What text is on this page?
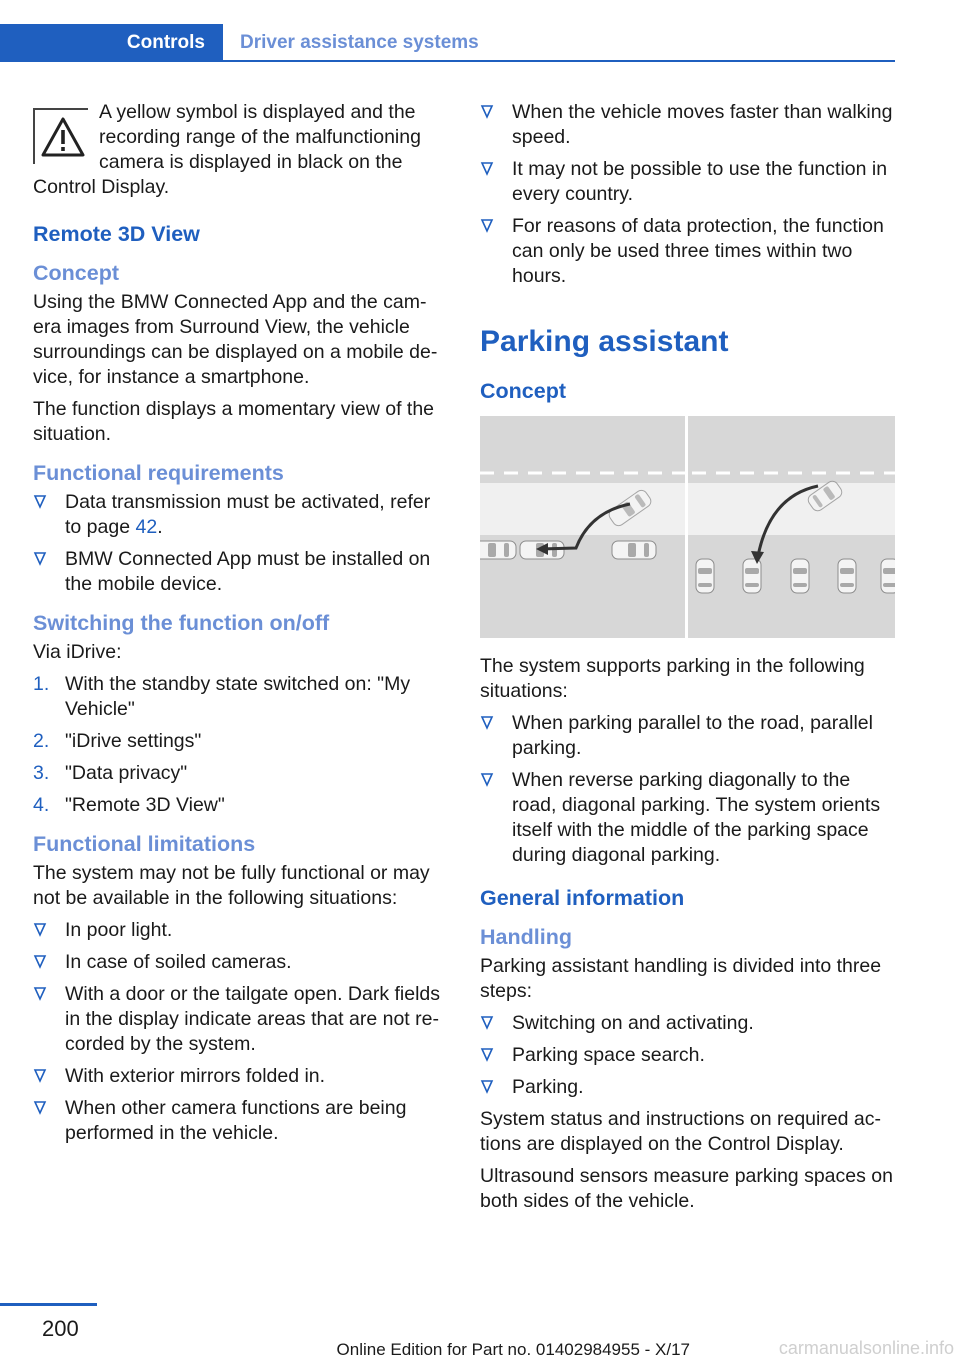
Controls	Driver assistance systems
A yellow symbol is displayed and the recording range of the malfunctioning camera is displayed in black on the
Control Display.
Remote 3D View
Concept

Using the BMW Connected App and the camera images from Surround View, the vehicle surroundings can be displayed on a mobile device, for instance a smartphone.

The function displays a momentary view of the situation.

Functional requirements
Data transmission must be activated, refer to page 42.
BMW Connected App must be installed on the mobile device.
Switching the function on/off

Via iDrive:

1. With the standby state switched on: "My Vehicle"
2. "iDrive settings"
3. "Data privacy"
4. "Remote 3D View"
Functional limitations

The system may not be fully functional or may not be available in the following situations:

In poor light.
In case of soiled cameras.
With a door or the tailgate open. Dark fields in the display indicate areas that are not recorded by the system.
With exterior mirrors folded in.
When other camera functions are being performed in the vehicle.
When the vehicle moves faster than walking speed.
It may not be possible to use the function in every country.
For reasons of data protection, the function can only be used three times within two hours.
Parking assistant
Concept

The system supports parking in the following situations:

When parking parallel to the road, parallel parking.
When reverse parking diagonally to the road, diagonal parking. The system orients itself with the middle of the parking space during diagonal parking.
General information
Handling

Parking assistant handling is divided into three steps:

Switching on and activating.
Parking space search.
Parking.

System status and instructions on required actions are displayed on the Control Display.

Ultrasound sensors measure parking spaces on both sides of the vehicle.

200
Online Edition for Part no. 01402984955 - X/17	carmanualsonline.info
